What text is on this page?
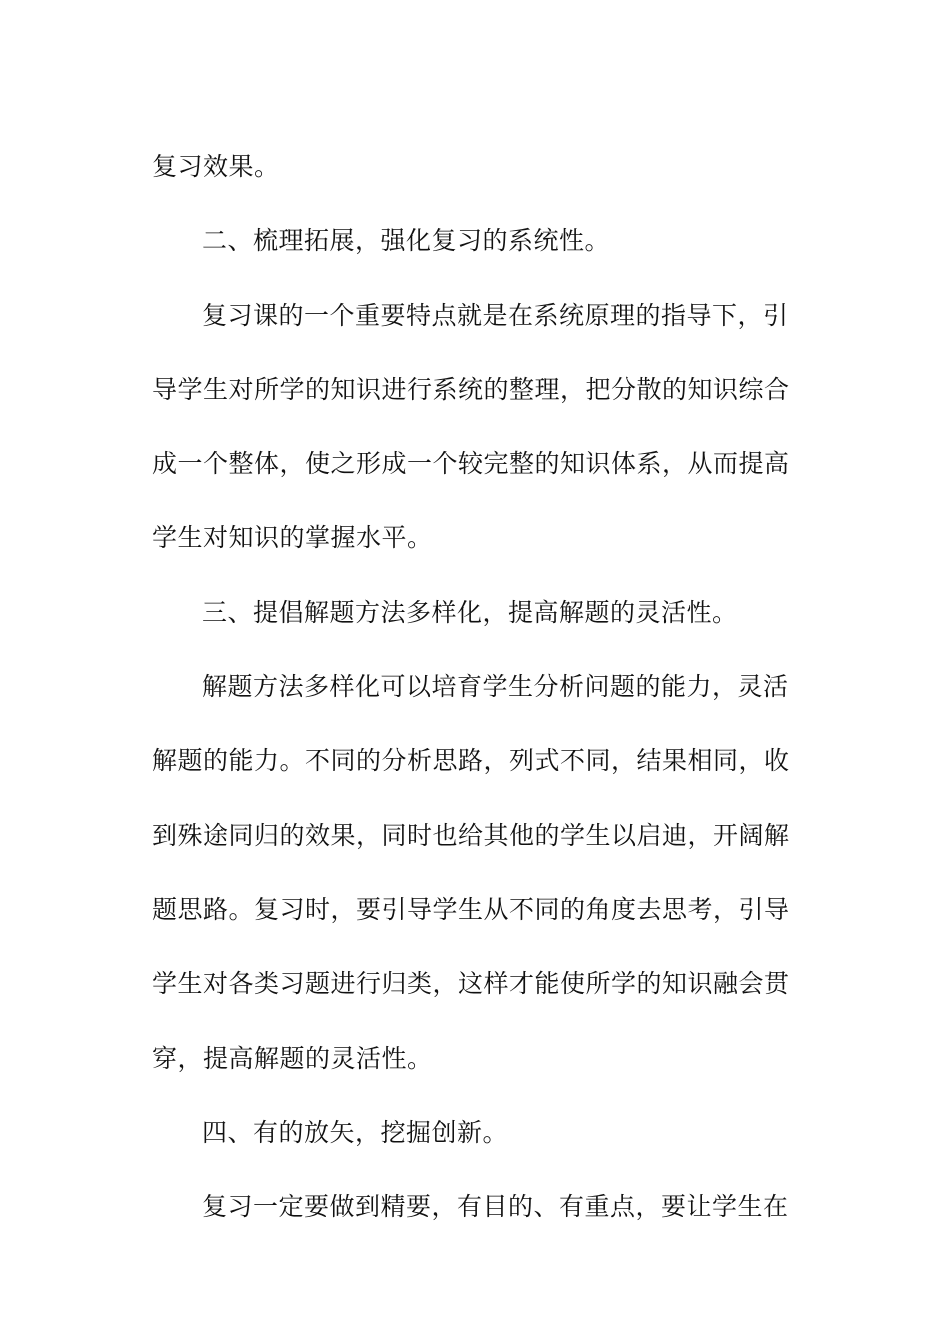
复习效果。
二、梳理拓展，强化复习的系统性。
复习课的一个重要特点就是在系统原理的指导下，引
导学生对所学的知识进行系统的整理，把分散的知识综合
成一个整体，使之形成一个较完整的知识体系，从而提高
学生对知识的掌握水平。
三、提倡解题方法多样化，提高解题的灵活性。
解题方法多样化可以培育学生分析问题的能力，灵活
解题的能力。不同的分析思路，列式不同，结果相同，收
到殊途同归的效果，同时也给其他的学生以启迪，开阔解
题思路。复习时，要引导学生从不同的角度去思考，引导
学生对各类习题进行归类，这样才能使所学的知识融会贯
穿，提高解题的灵活性。
四、有的放矢，挖掘创新。
复习一定要做到精要，有目的、有重点，要让学生在
